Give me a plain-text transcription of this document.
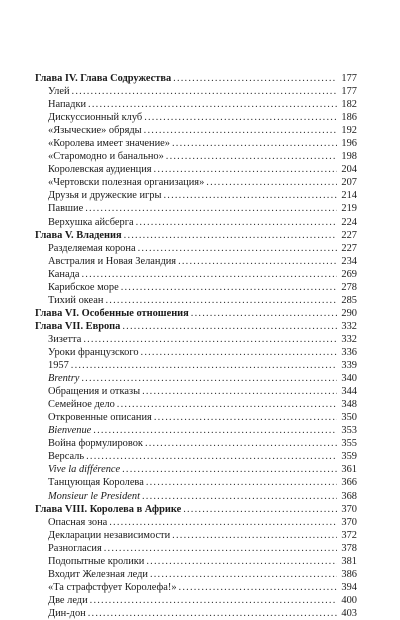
Глава IV. Глава Содружества .....	177
Улей .....	177
Нападки .....	182
Дискуссионный клуб .....	186
«Языческие» обряды .....	192
«Королева имеет значение» .....	196
«Старомодно и банально» .....	198
Королевская аудиенция .....	204
«Чертовски полезная организация» .....	207
Друзья и дружеские игры .....	214
Павшие .....	219
Верхушка айсберга .....	224
Глава V. Владения .....	227
Разделяемая корона .....	227
Австралия и Новая Зеландия .....	234
Канада .....	269
Карибское море .....	278
Тихий океан .....	285
Глава VI. Особенные отношения .....	290
Глава VII. Европа .....	332
Зизетта .....	332
Уроки французского .....	336
1957 .....	339
Brentry .....	340
Обращения и отказы .....	344
Семейное дело .....	348
Откровенные описания .....	350
Bienvenue .....	353
Война формулировок .....	355
Версаль .....	359
Vive la différence .....	361
Танцующая Королева .....	366
Monsieur le President .....	368
Глава VIII. Королева в Африке .....	370
Опасная зона .....	370
Декларации независимости .....	372
Разногласия .....	378
Подопытные кролики .....	381
Входит Железная леди .....	386
«Та страфстфует Королефа!» .....	394
Две леди .....	400
Дин-дон .....	403
